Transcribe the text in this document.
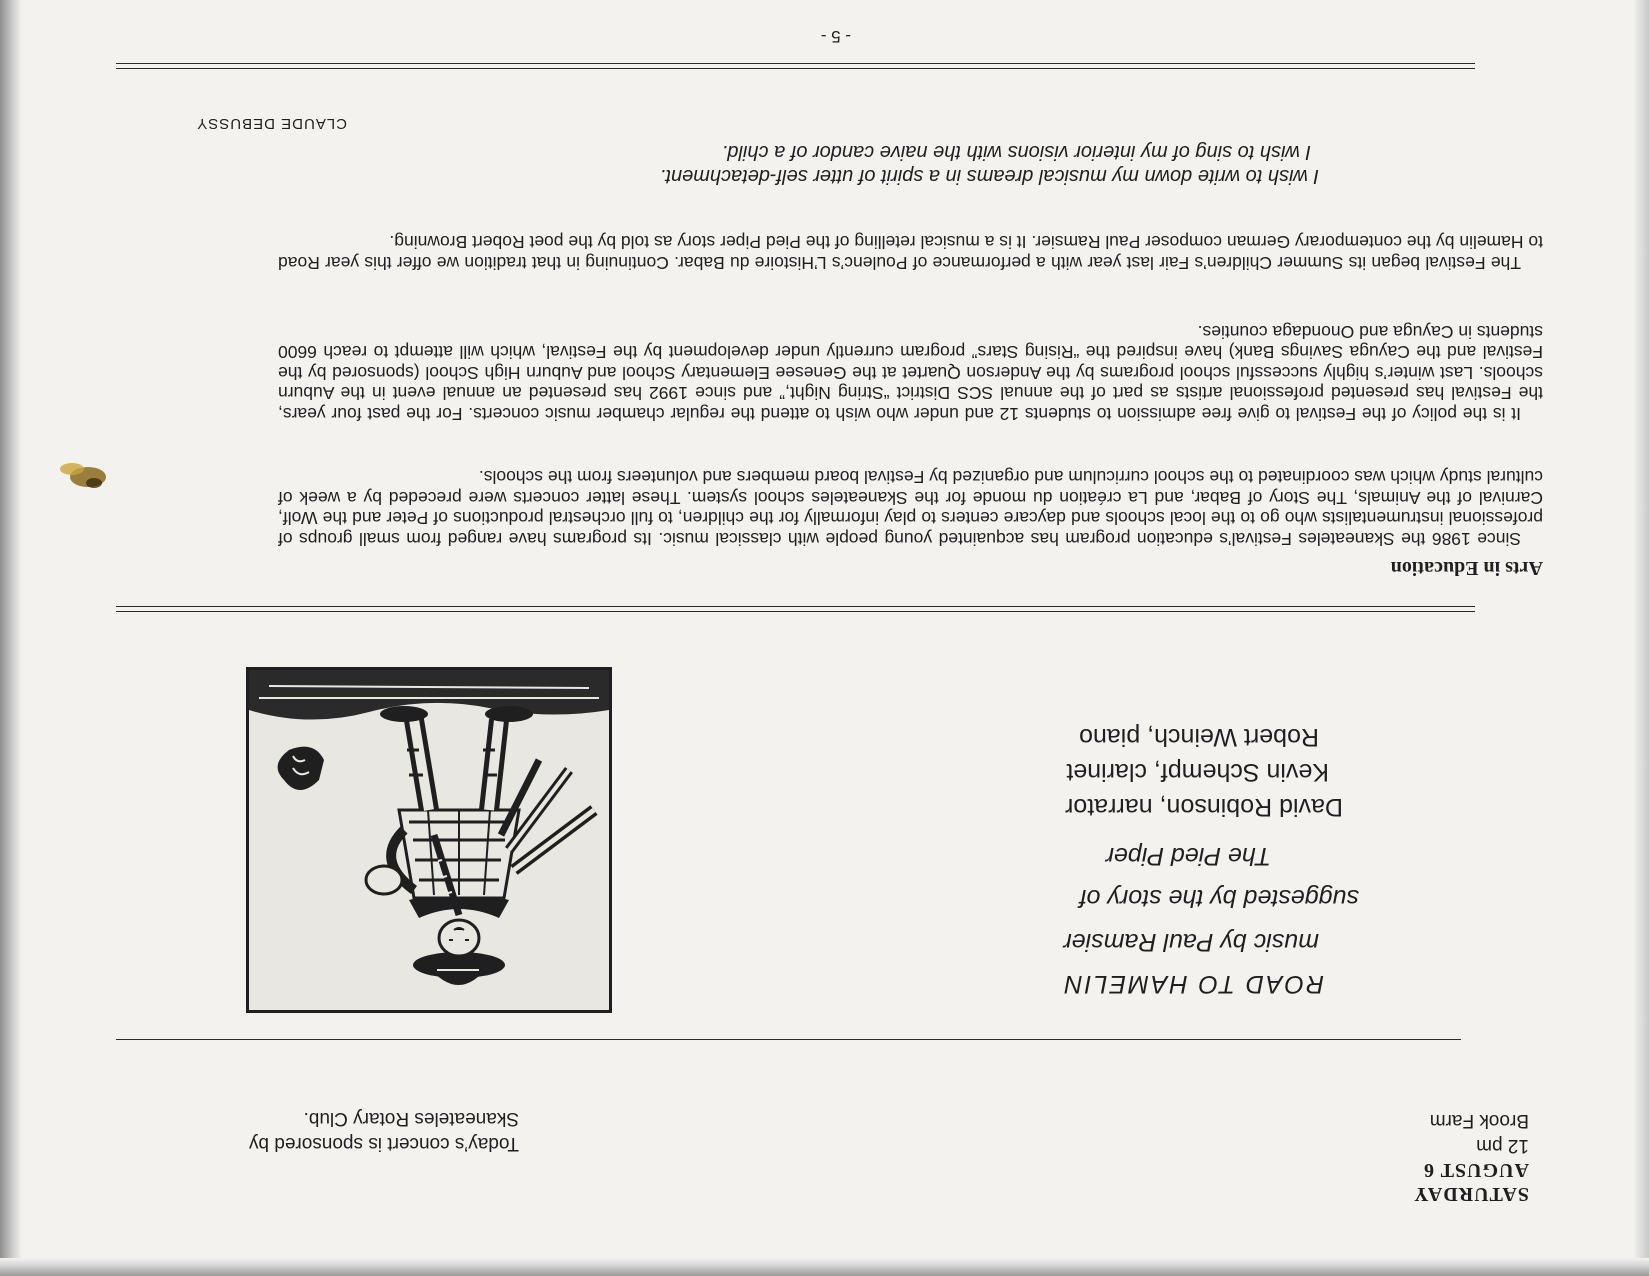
SATURDAY
AUGUST 6
12 pm
Brook Farm
Today’s concert is sponsored by
Skaneateles Rotary Club.
ROAD TO HAMELIN
music by Paul Ramsier
suggested by the story of
The Pied Piper
David Robinson, narrator
Kevin Schempf, clarinet
Robert Weinch, piano
Arts in Education
Since 1986 the Skaneateles Festival’s education program has acquainted young people with classical music. Its programs have ranged from small groups of professional instrumentalists who go to the local schools and daycare centers to play informally for the children, to full orchestral productions of Peter and the Wolf, Carnival of the Animals, The Story of Babar, and La création du monde for the Skaneateles school system. These latter concerts were preceded by a week of cultural study which was coordinated to the school curriculum and organized by Festival board members and volunteers from the schools.
It is the policy of the Festival to give free admission to students 12 and under who wish to attend the regular chamber music concerts. For the past four years, the Festival has presented professional artists as part of the annual SCS District “String Night,” and since 1992 has presented an annual event in the Auburn schools. Last winter’s highly successful school programs by the Anderson Quartet at the Genesee Elementary School and Auburn High School (sponsored by the Festival and the Cayuga Savings Bank) have inspired the “Rising Stars” program currently under development by the Festival, which will attempt to reach 6600 students in Cayuga and Onondaga counties.
The Festival began its Summer Children’s Fair last year with a performance of Poulenc’s L’Histoire du Babar. Continuing in that tradition we offer this year Road to Hamelin by the contemporary German composer Paul Ramsier. It is a musical retelling of the Pied Piper story as told by the poet Robert Browning.
I wish to write down my musical dreams in a spirit of utter self-detachment.
I wish to sing of my interior visions with the naive candor of a child.
CLAUDE DEBUSSY
- 5 -
